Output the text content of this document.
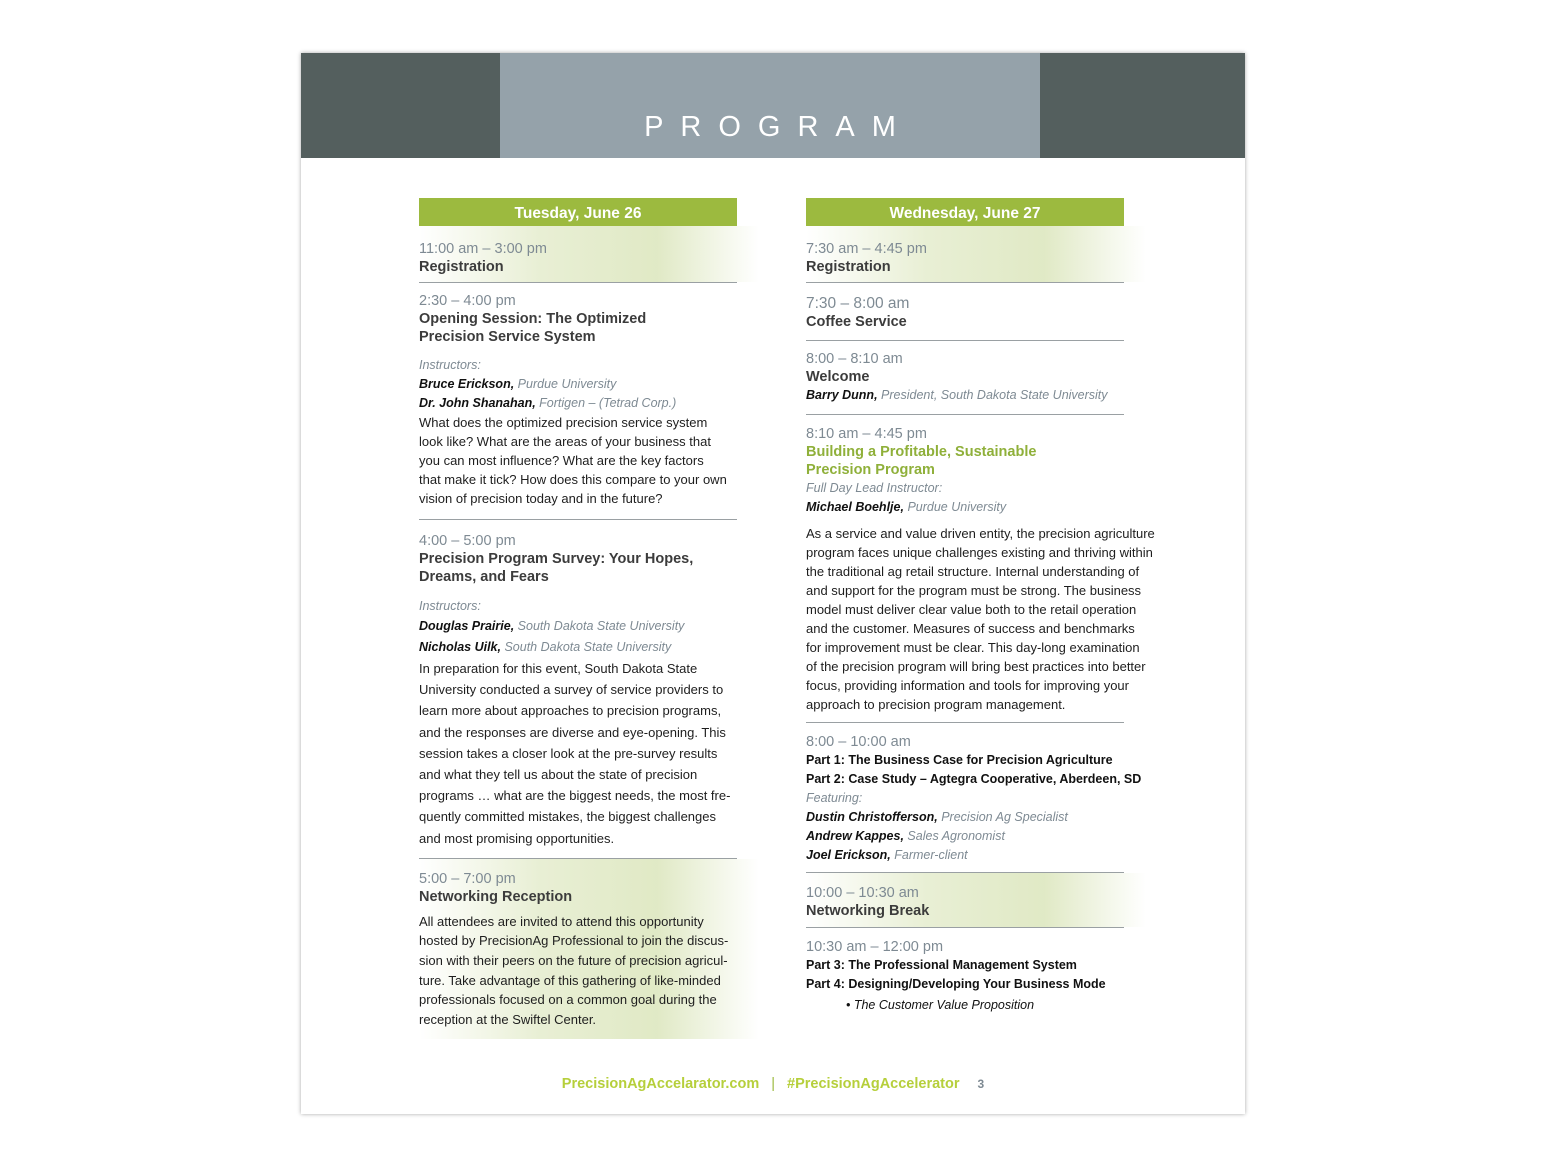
PROGRAM
Tuesday, June 26
11:00 am – 3:00 pm
Registration
2:30 – 4:00 pm
Opening Session: The Optimized
Precision Service System
Instructors:
Bruce Erickson, Purdue University
Dr. John Shanahan, Fortigen – (Tetrad Corp.)
What does the optimized precision service system
look like? What are the areas of your business that
you can most influence? What are the key factors
that make it tick? How does this compare to your own
vision of precision today and in the future?
4:00 – 5:00 pm
Precision Program Survey: Your Hopes,
Dreams, and Fears
Instructors:
Douglas Prairie, South Dakota State University
Nicholas Uilk, South Dakota State University
In preparation for this event, South Dakota State
University conducted a survey of service providers to
learn more about approaches to precision programs,
and the responses are diverse and eye-opening. This
session takes a closer look at the pre-survey results
and what they tell us about the state of precision
programs … what are the biggest needs, the most fre-
quently committed mistakes, the biggest challenges
and most promising opportunities.
5:00 – 7:00 pm
Networking Reception
All attendees are invited to attend this opportunity
hosted by PrecisionAg Professional to join the discus-
sion with their peers on the future of precision agricul-
ture. Take advantage of this gathering of like-minded
professionals focused on a common goal during the
reception at the Swiftel Center.
Wednesday, June 27
7:30 am – 4:45 pm
Registration
7:30 – 8:00 am
Coffee Service
8:00 – 8:10 am
Welcome
Barry Dunn, President, South Dakota State University
8:10 am – 4:45 pm
Building a Profitable, Sustainable
Precision Program
Full Day Lead Instructor:
Michael Boehlje, Purdue University
As a service and value driven entity, the precision agriculture
program faces unique challenges existing and thriving within
the traditional ag retail structure. Internal understanding of
and support for the program must be strong. The business
model must deliver clear value both to the retail operation
and the customer. Measures of success and benchmarks
for improvement must be clear. This day-long examination
of the precision program will bring best practices into better
focus, providing information and tools for improving your
approach to precision program management.
8:00 – 10:00 am
Part 1: The Business Case for Precision Agriculture
Part 2: Case Study – Agtegra Cooperative, Aberdeen, SD
Featuring:
Dustin Christofferson, Precision Ag Specialist
Andrew Kappes, Sales Agronomist
Joel Erickson, Farmer-client
10:00 – 10:30 am
Networking Break
10:30 am – 12:00 pm
Part 3: The Professional Management System
Part 4: Designing/Developing Your Business Mode
• The Customer Value Proposition
PrecisionAgAccelarator.com | #PrecisionAgAccelerator 3
